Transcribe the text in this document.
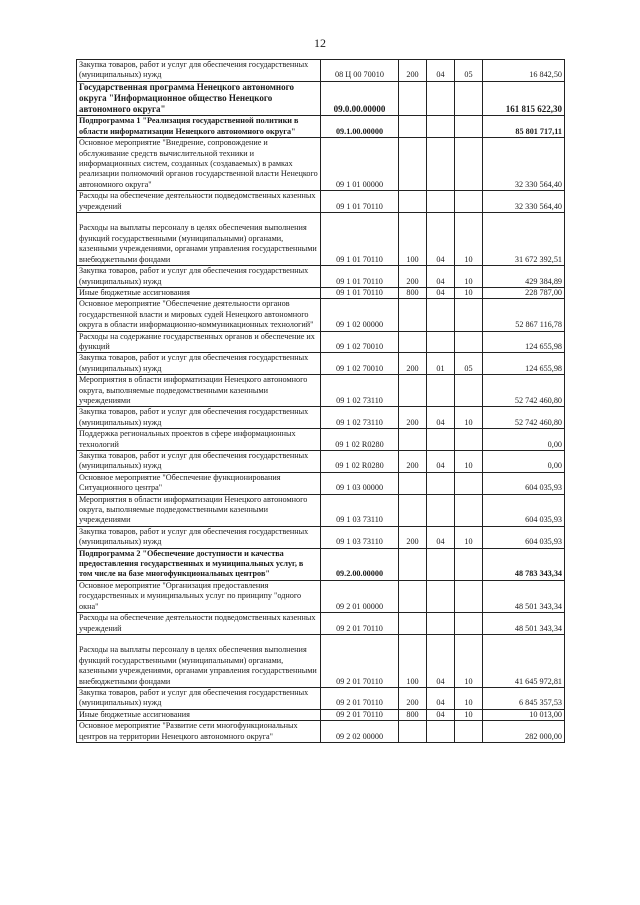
12
Закупка товаров, работ и услуг для обеспечения государственных (муниципальных) нужд	08 Ц 00 70010	200	04	05	16 842,50
Государственная программа Ненецкого автономного округа "Информационное общество Ненецкого автономного округа"	09.0.00.00000				161 815 622,30
Подпрограмма 1 "Реализация государственной политики в области информатизации Ненецкого автономного округа"	09.1.00.00000				85 801 717,11
Основное мероприятие "Внедрение, сопровождение и обслуживание средств вычислительной техники и информационных систем, созданных (создаваемых) в рамках реализации полномочий органов государственной власти Ненецкого автономного округа"	09 1 01 00000				32 330 564,40
Расходы на обеспечение деятельности подведомственных казенных учреждений	09 1 01 70110				32 330 564,40

Расходы на выплаты персоналу в целях обеспечения выполнения функций государственными (муниципальными) органами, казенными учреждениями, органами управления государственными внебюджетными фондами	09 1 01 70110	100	04	10	31 672 392,51
Закупка товаров, работ и услуг для обеспечения государственных (муниципальных) нужд	09 1 01 70110	200	04	10	429 384,89
Иные бюджетные ассигнования	09 1 01 70110	800	04	10	228 787,00
Основное мероприятие "Обеспечение деятельности органов государственной власти и мировых судей Ненецкого автономного округа в области информационно-коммуникационных технологий"	09 1 02 00000				52 867 116,78
Расходы на содержание государственных органов и обеспечение их функций	09 1 02 70010				124 655,98
Закупка товаров, работ и услуг для обеспечения государственных (муниципальных) нужд	09 1 02 70010	200	01	05	124 655,98
Мероприятия в области информатизации Ненецкого автономного округа, выполняемые подведомственными казенными учреждениями	09 1 02 73110				52 742 460,80
Закупка товаров, работ и услуг для обеспечения государственных (муниципальных) нужд	09 1 02 73110	200	04	10	52 742 460,80
Поддержка региональных проектов в сфере информационных технологий	09 1 02 R0280				0,00
Закупка товаров, работ и услуг для обеспечения государственных (муниципальных) нужд	09 1 02 R0280	200	04	10	0,00
Основное мероприятие "Обеспечение функционирования Ситуационного центра"	09 1 03 00000				604 035,93
Мероприятия в области информатизации Ненецкого автономного округа, выполняемые подведомственными казенными учреждениями	09 1 03 73110				604 035,93
Закупка товаров, работ и услуг для обеспечения государственных (муниципальных) нужд	09 1 03 73110	200	04	10	604 035,93
Подпрограмма 2 "Обеспечение доступности и качества предоставления государственных и муниципальных услуг, в том числе на базе многофункциональных центров"	09.2.00.00000				48 783 343,34
Основное мероприятие "Организация предоставления государственных и муниципальных услуг по принципу "одного окна"	09 2 01 00000				48 501 343,34
Расходы на обеспечение деятельности подведомственных казенных учреждений	09 2 01 70110				48 501 343,34

Расходы на выплаты персоналу в целях обеспечения выполнения функций государственными (муниципальными) органами, казенными учреждениями, органами управления государственными внебюджетными фондами	09 2 01 70110	100	04	10	41 645 972,81
Закупка товаров, работ и услуг для обеспечения государственных (муниципальных) нужд	09 2 01 70110	200	04	10	6 845 357,53
Иные бюджетные ассигнования	09 2 01 70110	800	04	10	10 013,00
Основное мероприятие "Развитие сети многофункциональных центров на территории Ненецкого автономного округа"	09 2 02 00000				282 000,00
